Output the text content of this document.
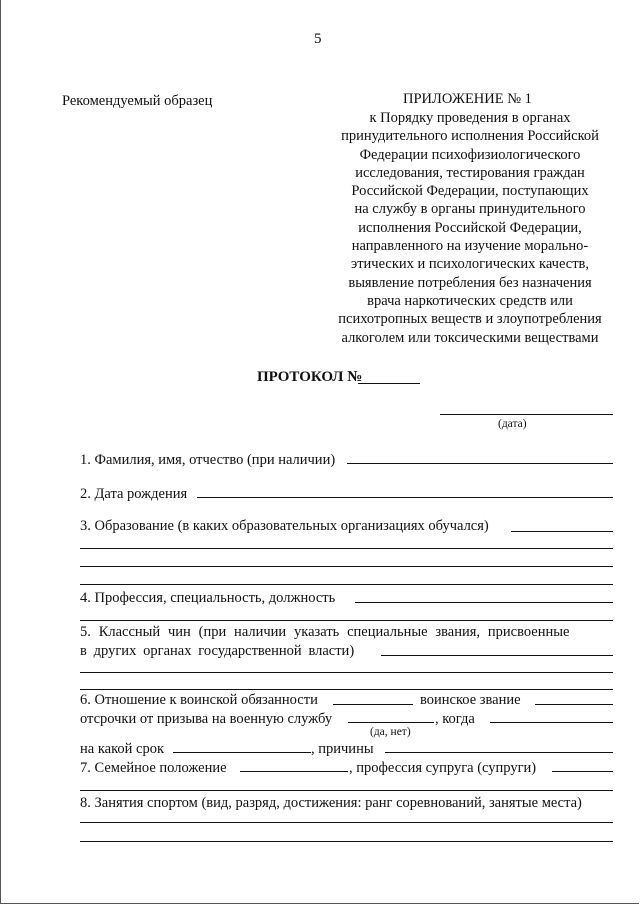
5
Рекомендуемый образец	ПРИЛОЖЕНИЕ № 1
к Порядку проведения в органах
принудительного исполнения Российской
Федерации психофизиологического
исследования, тестирования граждан
Российской Федерации, поступающих
на службу в органы принудительного
исполнения Российской Федерации,
направленного на изучение морально-
этических и психологических качеств,
выявление потребления без назначения
врача наркотических средств или
психотропных веществ и злоупотребления
алкоголем или токсическими веществами
ПРОТОКОЛ №
(дата)
1. Фамилия, имя, отчество (при наличии)
2. Дата рождения
3. Образование (в каких образовательных организациях обучался)
4. Профессия, специальность, должность
5. Классный чин (при наличии указать специальные звания, присвоенные
в других органах государственной власти)
6. Отношение к воинской обязанности	воинское звание
отсрочки от призыва на военную службу	, когда
(да, нет)
на какой срок	, причины
7. Семейное положение	, профессия супруга (супруги)
8. Занятия спортом (вид, разряд, достижения: ранг соревнований, занятые места)
